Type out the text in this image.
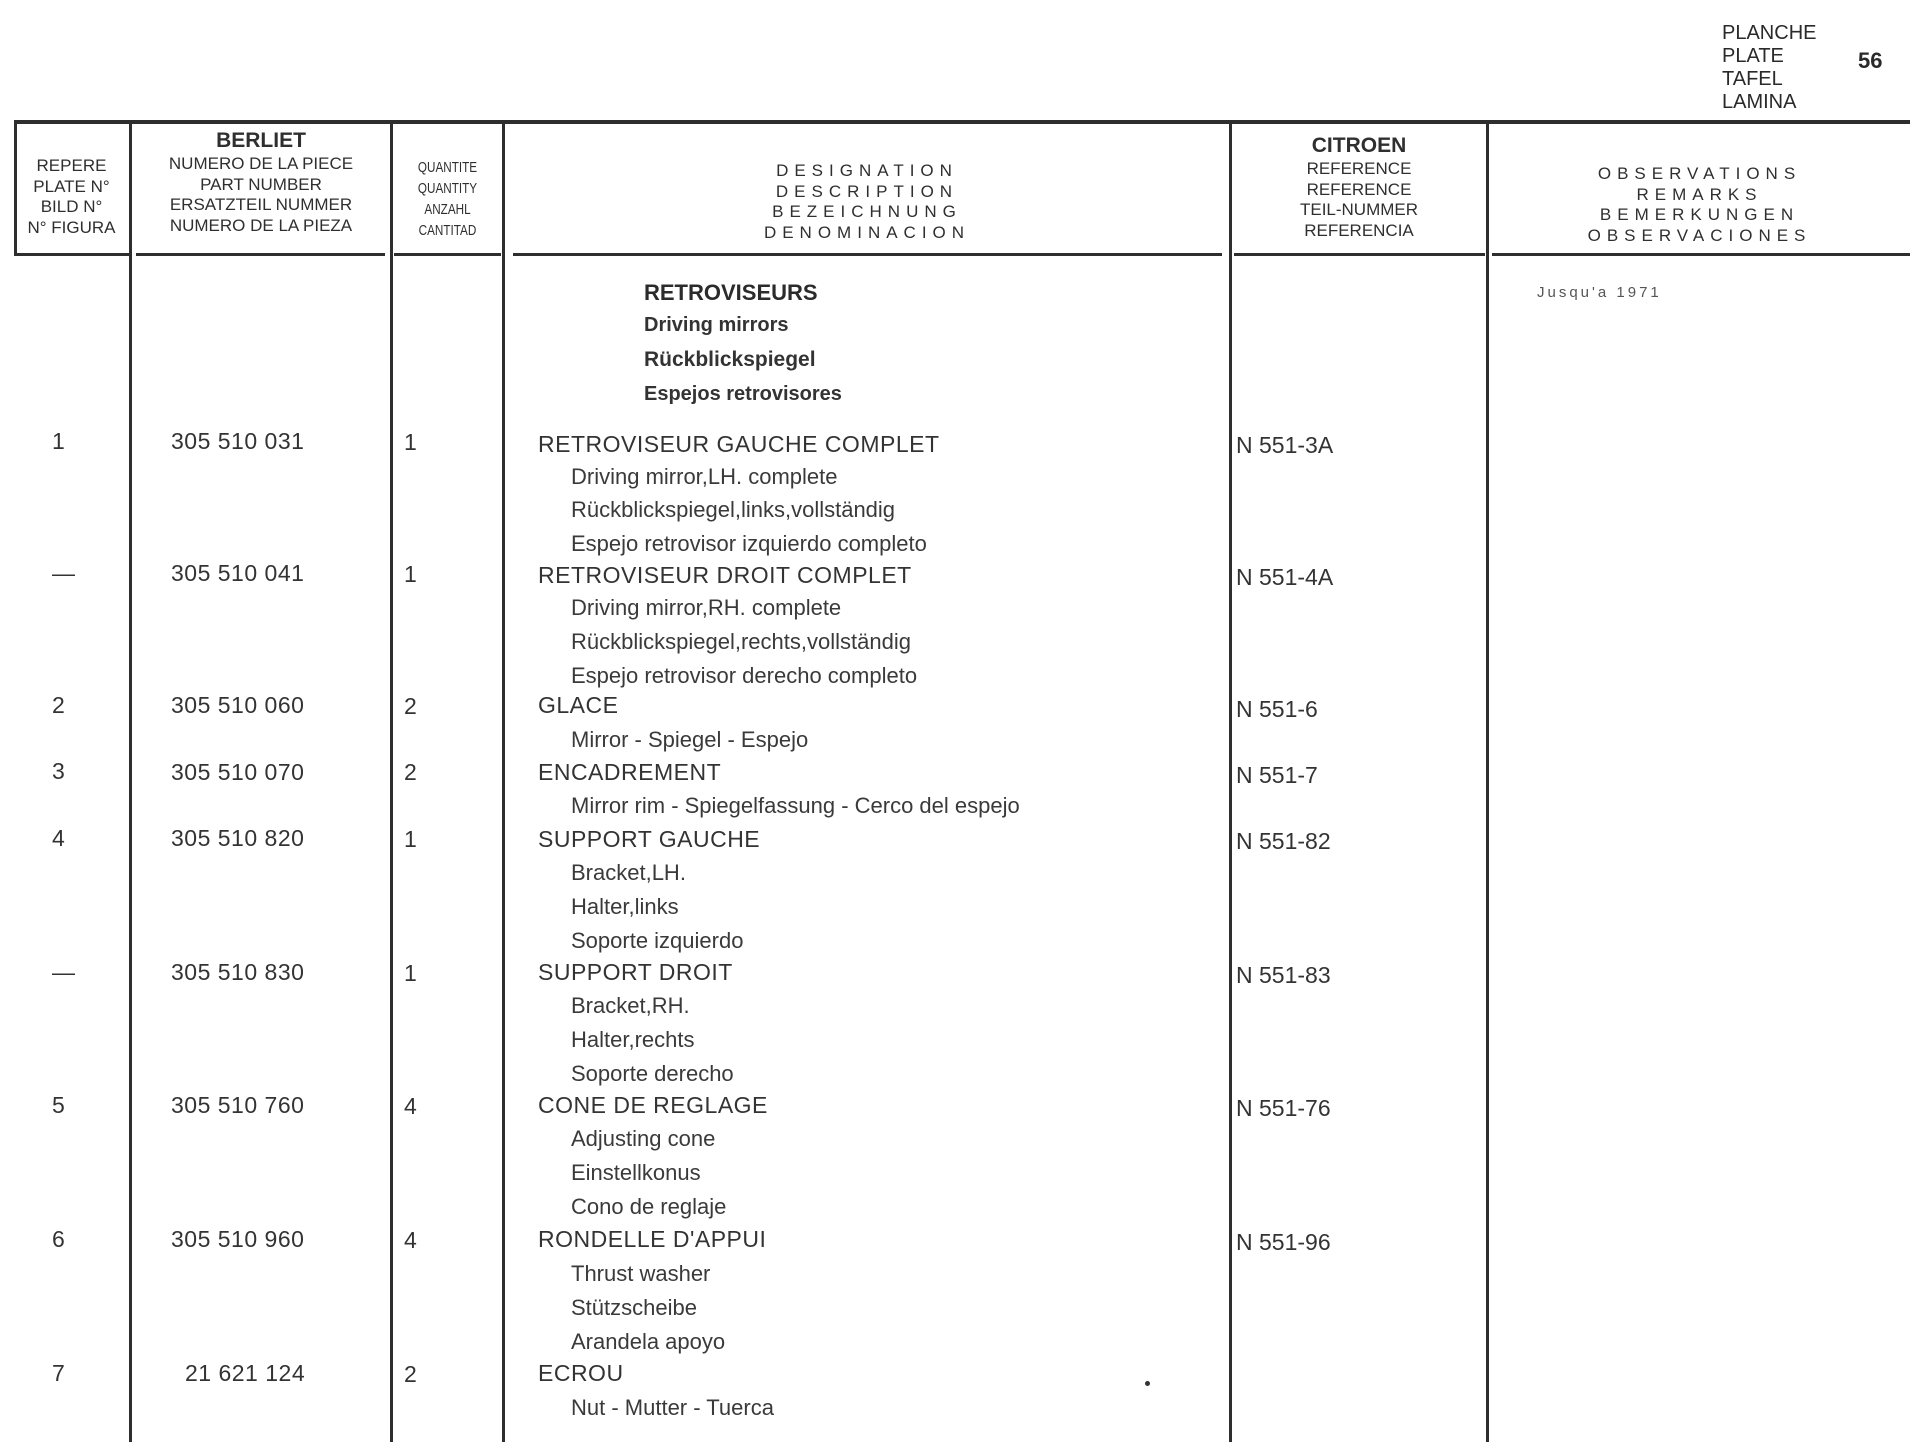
PLANCHE
PLATE
TAFEL
LAMINA
56
REPERE
PLATE N°
BILD N°
N° FIGURA
BERLIET
NUMERO DE LA PIECE
PART NUMBER
ERSATZTEIL NUMMER
NUMERO DE LA PIEZA
QUANTITE
QUANTITY
ANZAHL
CANTITAD
DESIGNATION
DESCRIPTION
BEZEICHNUNG
DENOMINACION
CITROEN
REFERENCE
REFERENCE
TEIL-NUMMER
REFERENCIA
OBSERVATIONS
REMARKS
BEMERKUNGEN
OBSERVACIONES
RETROVISEURS
Driving mirrors
Rückblickspiegel
Espejos retrovisores
Jusqu'a 1971
1	305 510 031	1	RETROVISEUR GAUCHE COMPLET	N 551-3A
Driving mirror,LH. complete
Rückblickspiegel,links,vollständig
Espejo retrovisor izquierdo completo
—	305 510 041	1	RETROVISEUR DROIT COMPLET	N 551-4A
Driving mirror,RH. complete
Rückblickspiegel,rechts,vollständig
Espejo retrovisor derecho completo
2	305 510 060	2	GLACE	N 551-6
Mirror - Spiegel - Espejo
3	305 510 070	2	ENCADREMENT	N 551-7
Mirror rim - Spiegelfassung - Cerco del espejo
4	305 510 820	1	SUPPORT GAUCHE	N 551-82
Bracket,LH.
Halter,links
Soporte izquierdo
—	305 510 830	1	SUPPORT DROIT	N 551-83
Bracket,RH.
Halter,rechts
Soporte derecho
5	305 510 760	4	CONE DE REGLAGE	N 551-76
Adjusting cone
Einstellkonus
Cono de reglaje
6	305 510 960	4	RONDELLE D'APPUI	N 551-96
Thrust washer
Stützscheibe
Arandela apoyo
7	21 621 124	2	ECROU
Nut - Mutter - Tuerca
